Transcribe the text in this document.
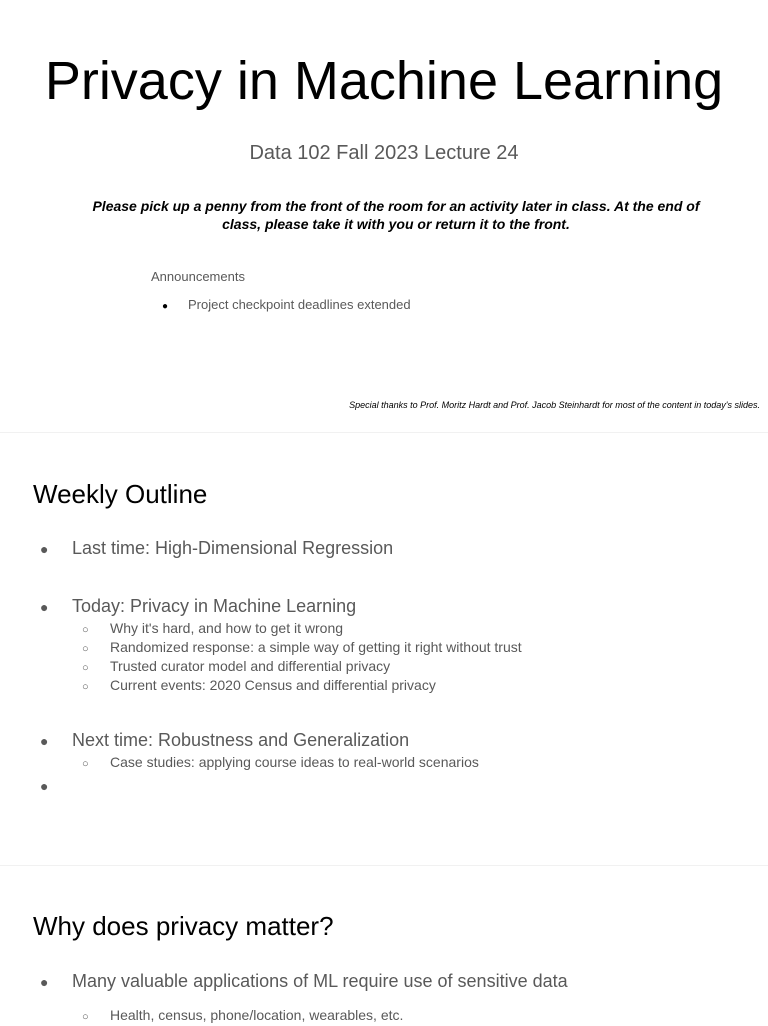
Privacy in Machine Learning
Data 102 Fall 2023 Lecture 24
Please pick up a penny from the front of the room for an activity later in class. At the end of class, please take it with you or return it to the front.
Announcements
● Project checkpoint deadlines extended
Special thanks to Prof. Moritz Hardt and Prof. Jacob Steinhardt for most of the content in today's slides.
Weekly Outline
● Last time: High-Dimensional Regression
● Today: Privacy in Machine Learning
○ Why it's hard, and how to get it wrong
○ Randomized response: a simple way of getting it right without trust
○ Trusted curator model and differential privacy
○ Current events: 2020 Census and differential privacy
● Next time: Robustness and Generalization
○ Case studies: applying course ideas to real-world scenarios
●
Why does privacy matter?
● Many valuable applications of ML require use of sensitive data
○ Health, census, phone/location, wearables, etc.
